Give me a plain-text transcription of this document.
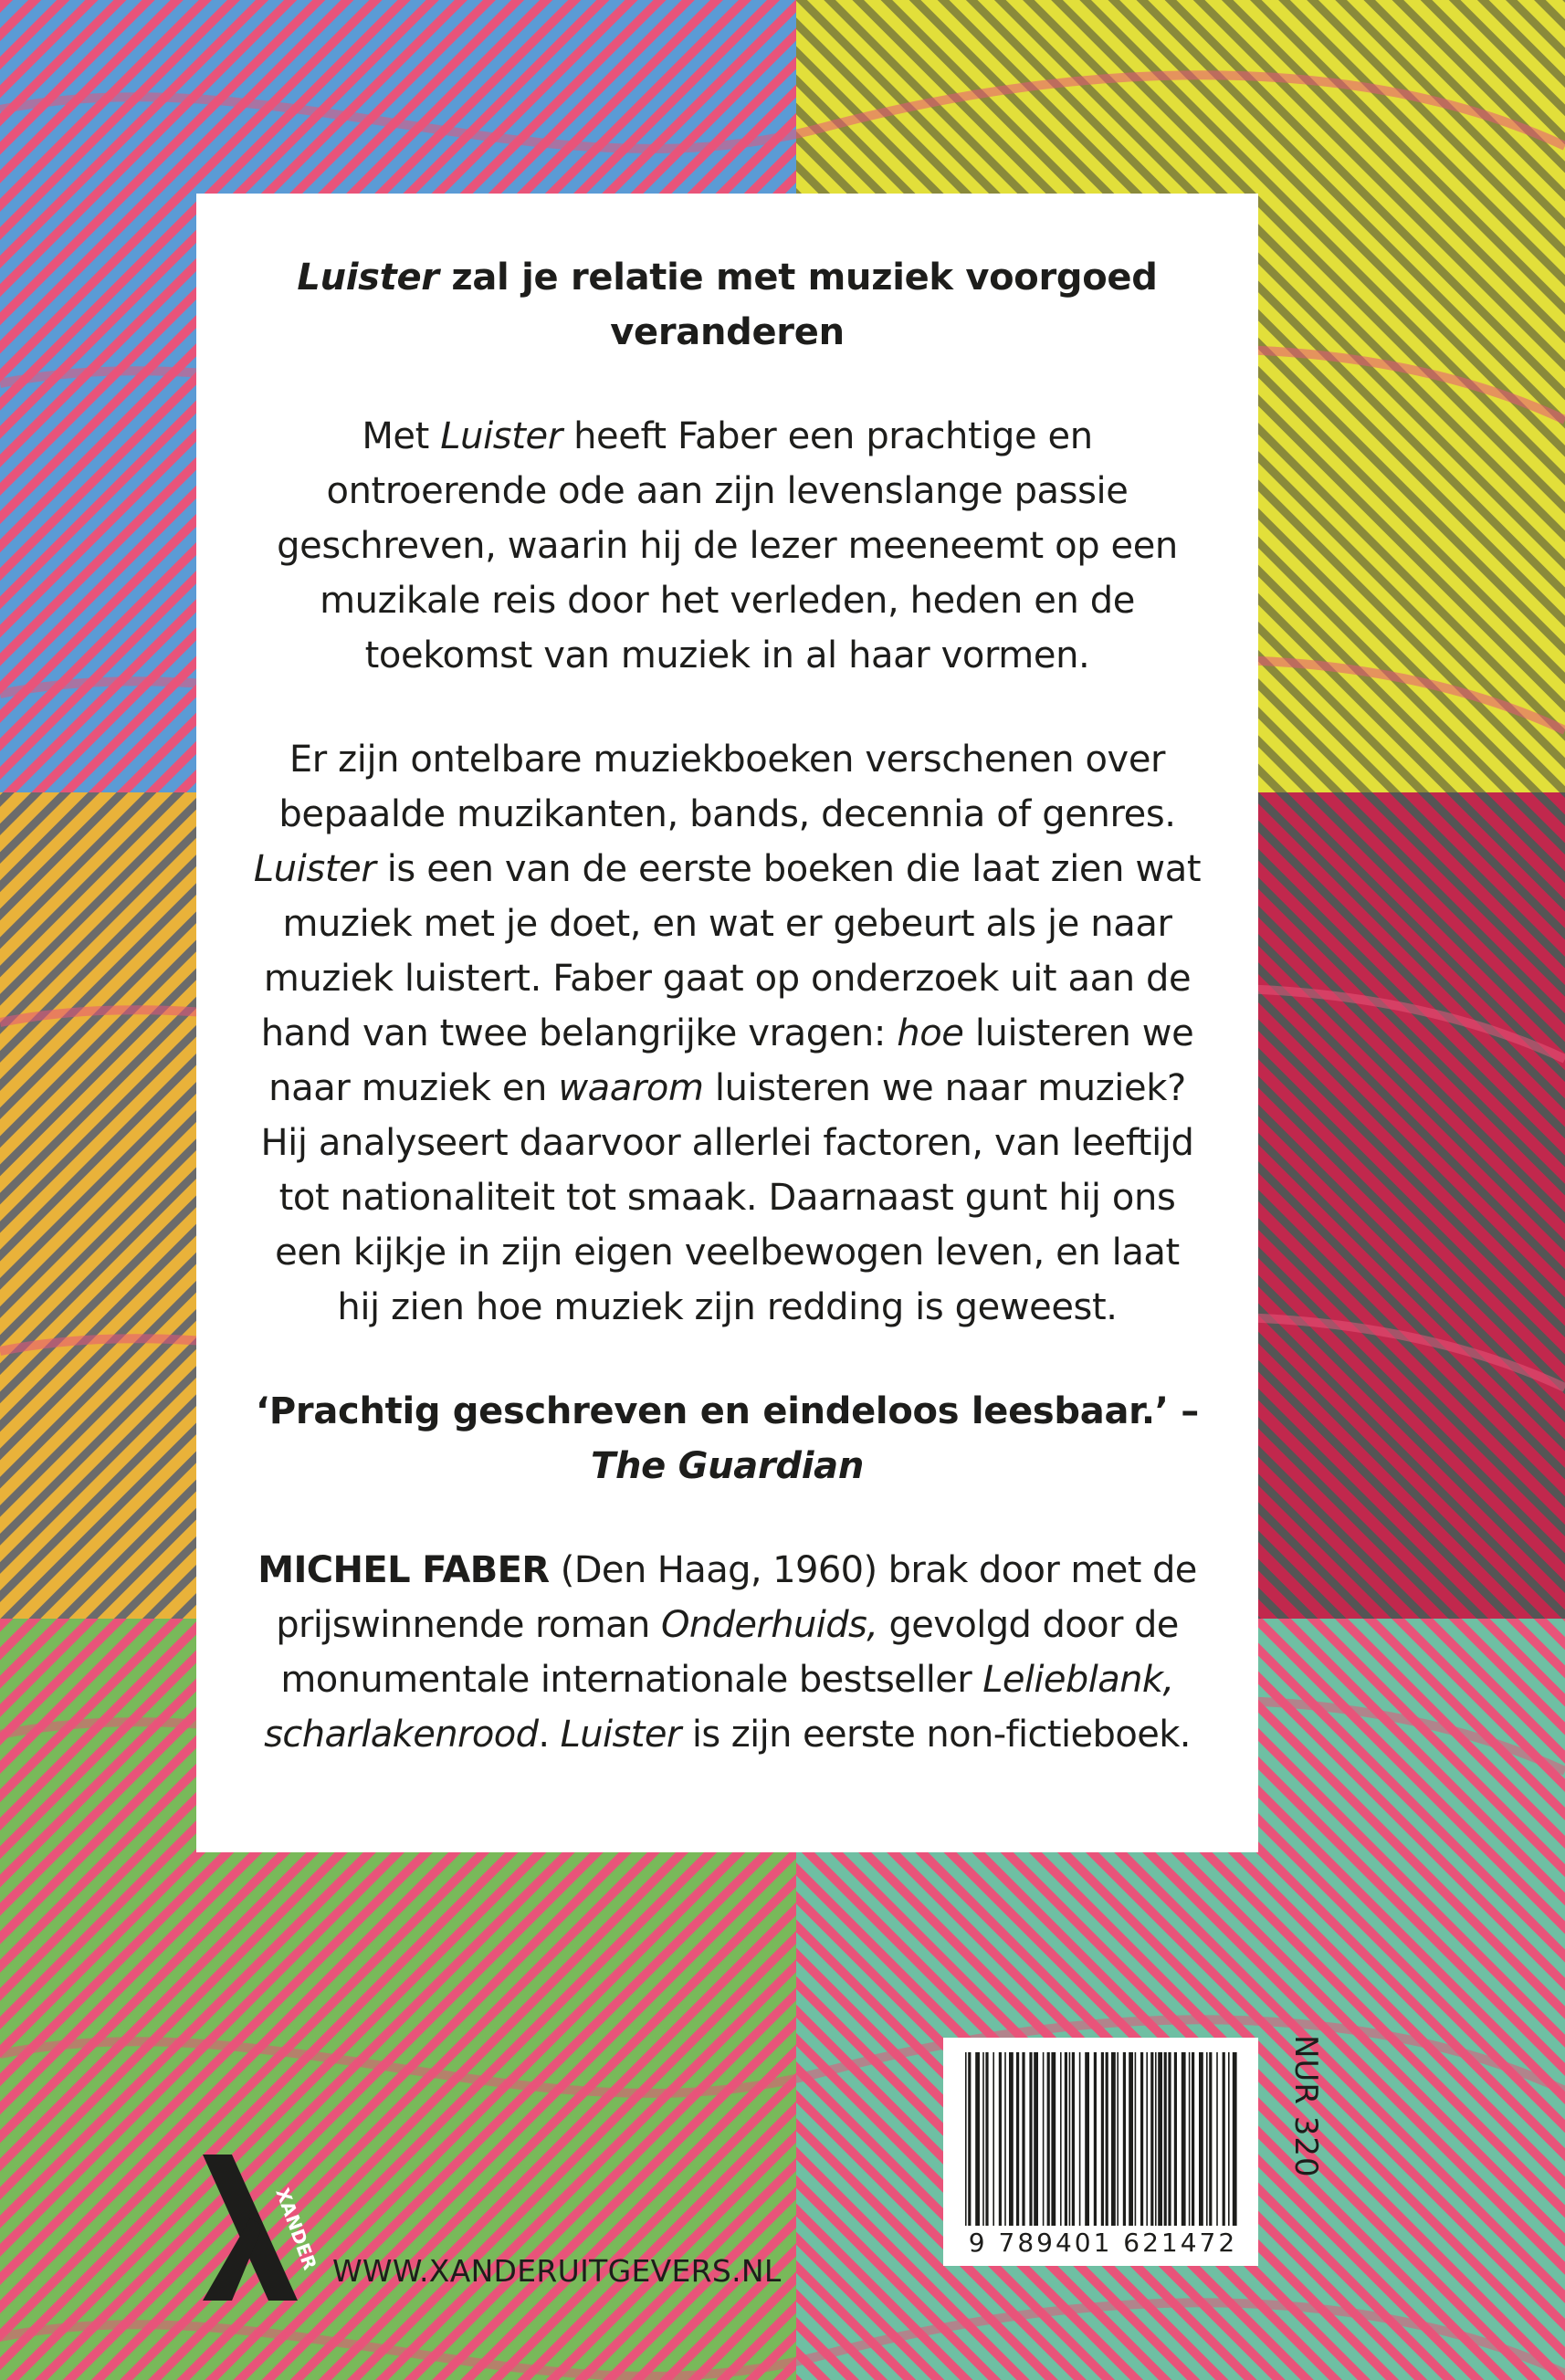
Luister zal je relatie met muziek voorgoed veranderen

Met Luister heeft Faber een prachtige en ontroerende ode aan zijn levenslange passie geschreven, waarin hij de lezer meeneemt op een muzikale reis door het verleden, heden en de toekomst van muziek in al haar vormen.

Er zijn ontelbare muziekboeken verschenen over bepaalde muzikanten, bands, decennia of genres. Luister is een van de eerste boeken die laat zien wat muziek met je doet, en wat er gebeurt als je naar muziek luistert. Faber gaat op onderzoek uit aan de hand van twee belangrijke vragen: hoe luisteren we naar muziek en waarom luisteren we naar muziek? Hij analyseert daarvoor allerlei factoren, van leeftijd tot nationaliteit tot smaak. Daarnaast gunt hij ons een kijkje in zijn eigen veelbewogen leven, en laat hij zien hoe muziek zijn redding is geweest.

‘Prachtig geschreven en eindeloos leesbaar.’ – The Guardian

MICHEL FABER (Den Haag, 1960) brak door met de prijswinnende roman Onderhuids, gevolgd door de monumentale internationale bestseller Lelieblank, scharlakenrood. Luister is zijn eerste non-fictieboek.

9 789401 621472
NUR 320
XANDER WWW.XANDERUITGEVERS.NL
